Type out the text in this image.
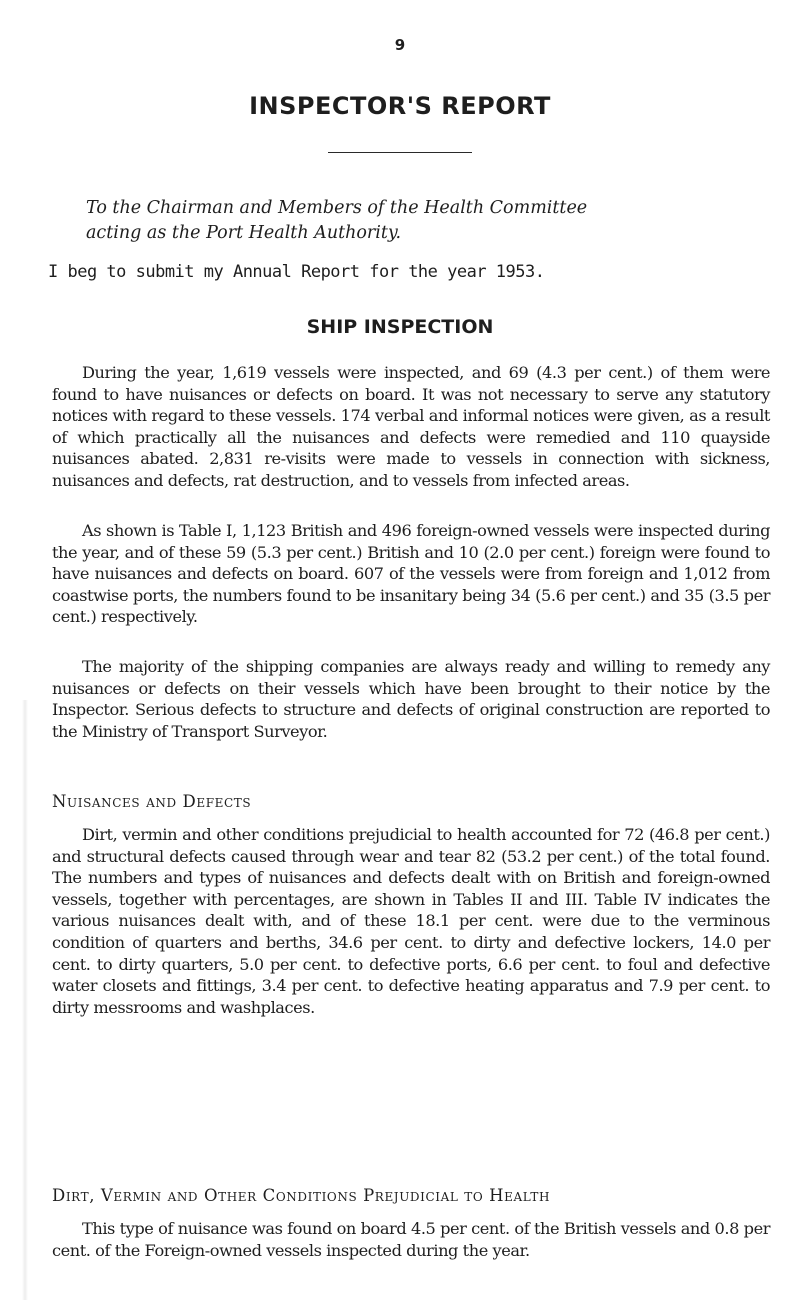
9
INSPECTOR'S REPORT
To the Chairman and Members of the Health Committee
acting as the Port Health Authority.
I beg to submit my Annual Report for the year 1953.
SHIP INSPECTION
During the year, 1,619 vessels were inspected, and 69 (4.3 per cent.) of them were found to have nuisances or defects on board. It was not necessary to serve any statutory notices with regard to these vessels. 174 verbal and informal notices were given, as a result of which practically all the nuisances and defects were remedied and 110 quayside nuisances abated. 2,831 re-visits were made to vessels in connection with sickness, nuisances and defects, rat destruction, and to vessels from infected areas.
As shown is Table I, 1,123 British and 496 foreign-owned vessels were inspected during the year, and of these 59 (5.3 per cent.) British and 10 (2.0 per cent.) foreign were found to have nuisances and defects on board. 607 of the vessels were from foreign and 1,012 from coastwise ports, the numbers found to be insanitary being 34 (5.6 per cent.) and 35 (3.5 per cent.) respectively.
The majority of the shipping companies are always ready and willing to remedy any nuisances or defects on their vessels which have been brought to their notice by the Inspector. Serious defects to structure and defects of original construction are reported to the Ministry of Transport Surveyor.
Nuisances and Defects
Dirt, vermin and other conditions prejudicial to health accounted for 72 (46.8 per cent.) and structural defects caused through wear and tear 82 (53.2 per cent.) of the total found. The numbers and types of nuisances and defects dealt with on British and foreign-owned vessels, together with percentages, are shown in Tables II and III. Table IV indicates the various nuisances dealt with, and of these 18.1 per cent. were due to the verminous condition of quarters and berths, 34.6 per cent. to dirty and defective lockers, 14.0 per cent. to dirty quarters, 5.0 per cent. to defective ports, 6.6 per cent. to foul and defective water closets and fittings, 3.4 per cent. to defective heating apparatus and 7.9 per cent. to dirty messrooms and washplaces.
Dirt, Vermin and Other Conditions Prejudicial to Health
This type of nuisance was found on board 4.5 per cent. of the British vessels and 0.8 per cent. of the Foreign-owned vessels inspected during the year.
